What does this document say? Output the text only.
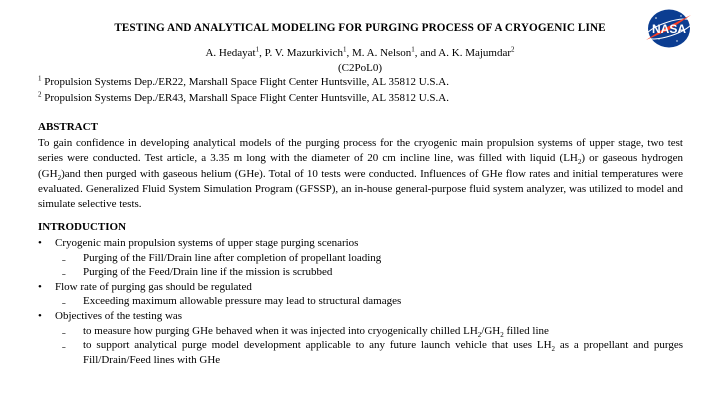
TESTING AND ANALYTICAL MODELING FOR PURGING PROCESS OF A CRYOGENIC LINE	NASA
A. Hedayat$^1$, P. V. Mazurkivich$^1$, M. A. Nelson$^1$, and A. K. Majumdar$^2$
(C2PoL0)
$^1$ Propulsion Systems Dep./ER22, Marshall Space Flight Center Huntsville, AL 35812 U.S.A.
$^2$ Propulsion Systems Dep./ER43, Marshall Space Flight Center Huntsville, AL 35812 U.S.A.
ABSTRACT
To gain confidence in developing analytical models of the purging process for the cryogenic main propulsion systems of upper stage, two test series were conducted. Test article, a 3.35 m long with the diameter of 20 cm incline line, was filled with liquid $(LH_2)$ or gaseous hydrogen $(GH_2)and$ then purged with gaseous helium (GHe). Total of 10 tests were conducted. Influences of GHe flow rates and initial temperatures were evaluated. Generalized Fluid System Simulation Program (GFSSP), an in-house general-purpose fluid system analyzer, was utilized to model and simulate selective tests.
INTRODUCTION
• Cryogenic main propulsion systems of upper stage purging scenarios
ˍ Purging of the Fill/Drain line after completion of propellant loading
ˍ Purging of the Feed/Drain line if the mission is scrubbed
• Flow rate of purging gas should be regulated
ˍ Exceeding maximum allowable pressure may lead to structural damages
• Objectives of the testing was
ˍ to measure how purging GHe behaved when it was injected into cryogenically chilled $LH_2/GH_2$ filled line
ˍ to support analytical purge model development applicable to any future launch vehicle that uses $LH_2$ as a propellant and purges Fill/Drain/Feed lines with GHe
